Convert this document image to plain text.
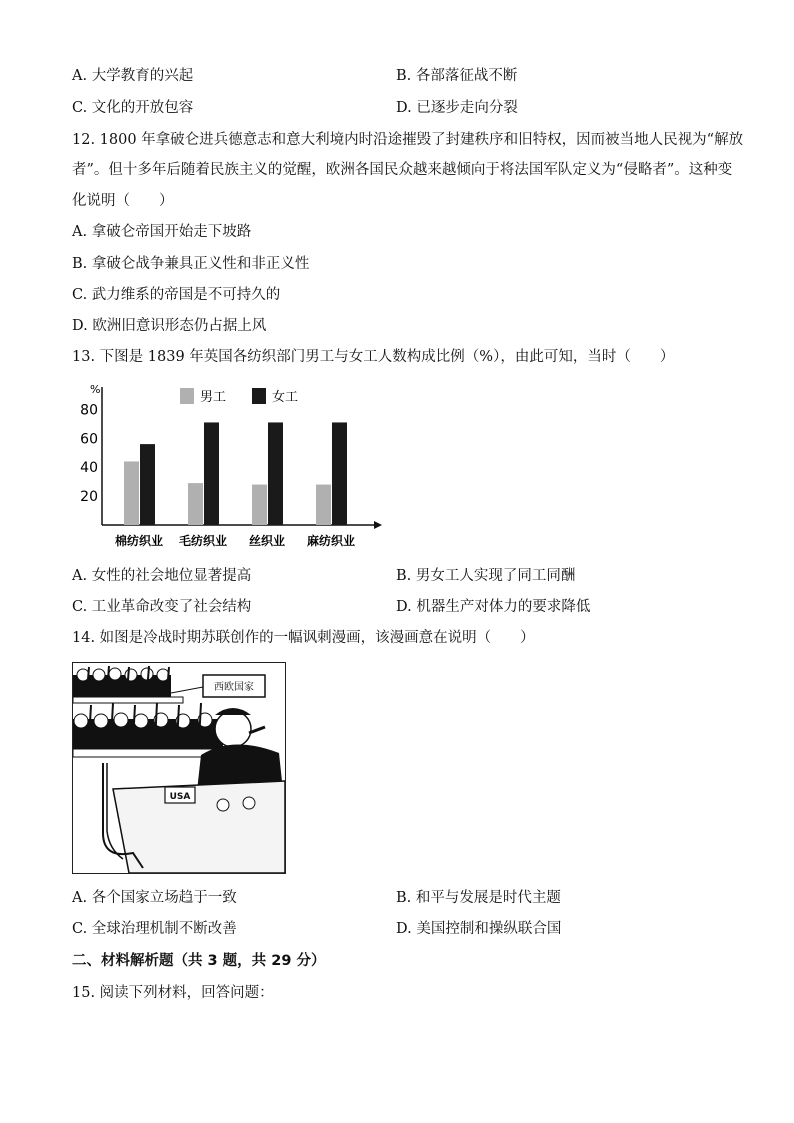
A. 大学教育的兴起	B. 各部落征战不断
C. 文化的开放包容	D. 已逐步走向分裂
12. 1800 年拿破仑进兵德意志和意大利境内时沿途摧毁了封建秩序和旧特权，因而被当地人民视为“解放
者”。但十多年后随着民族主义的觉醒，欧洲各国民众越来越倾向于将法国军队定义为“侵略者”。这种变
化说明（　　）
A. 拿破仑帝国开始走下坡路
B. 拿破仑战争兼具正义性和非正义性
C. 武力维系的帝国是不可持久的
D. 欧洲旧意识形态仍占据上风
13. 下图是 1839 年英国各纺织部门男工与女工人数构成比例（%），由此可知，当时（　　）
%
20
40
60
80
男工	女工
棉纺织业 毛纺织业 丝织业 麻纺织业
A. 女性的社会地位显著提高	B. 男女工人实现了同工同酬
C. 工业革命改变了社会结构	D. 机器生产对体力的要求降低
14. 如图是冷战时期苏联创作的一幅讽刺漫画，该漫画意在说明（　　）
西欧国家
USA
A. 各个国家立场趋于一致	B. 和平与发展是时代主题
C. 全球治理机制不断改善	D. 美国控制和操纵联合国
二、材料解析题（共 3 题，共 29 分）
15. 阅读下列材料，回答问题：
